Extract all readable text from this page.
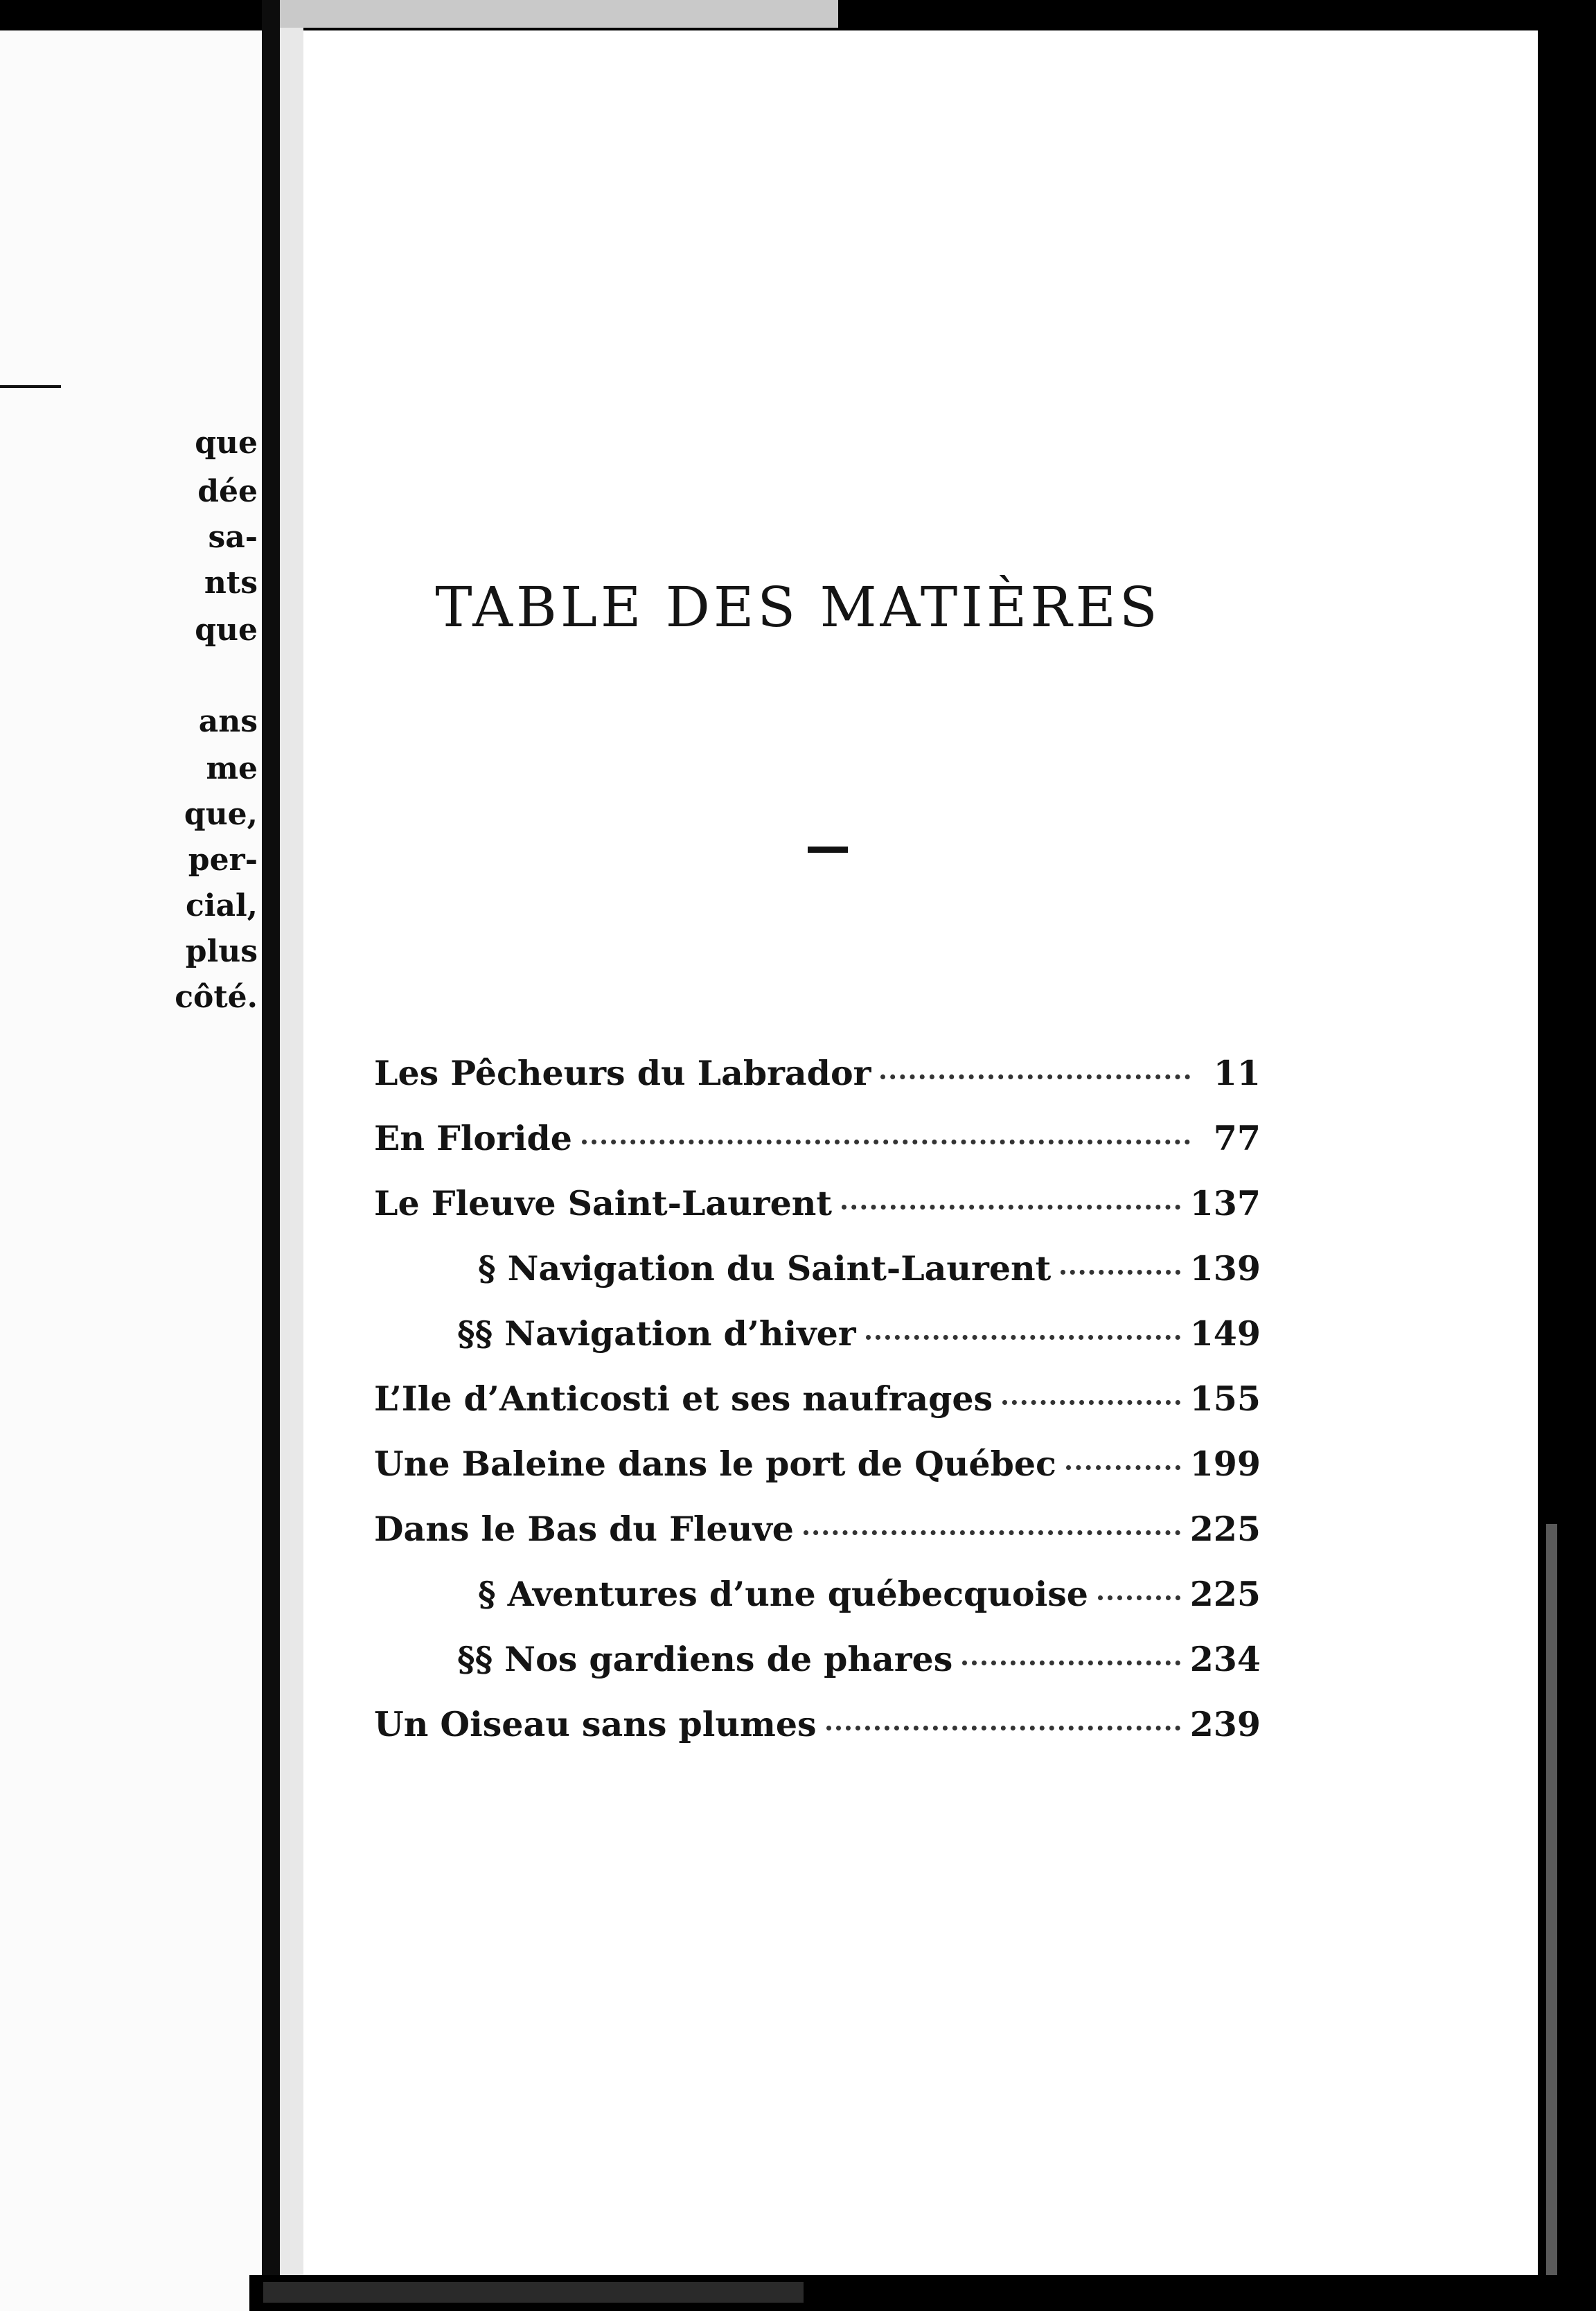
que
dée
sa-
nts
que
ans
me
que,
per-
cial,
plus
côté.
TABLE DES MATIÈRES
Les Pêcheurs du Labrador	11
En Floride	77
Le Fleuve Saint-Laurent	137
§ Navigation du Saint-Laurent	139
§§ Navigation d’hiver	149
L’Ile d’Anticosti et ses naufrages	155
Une Baleine dans le port de Québec	199
Dans le Bas du Fleuve	225
§ Aventures d’une québecquoise	225
§§ Nos gardiens de phares	234
Un Oiseau sans plumes	239
